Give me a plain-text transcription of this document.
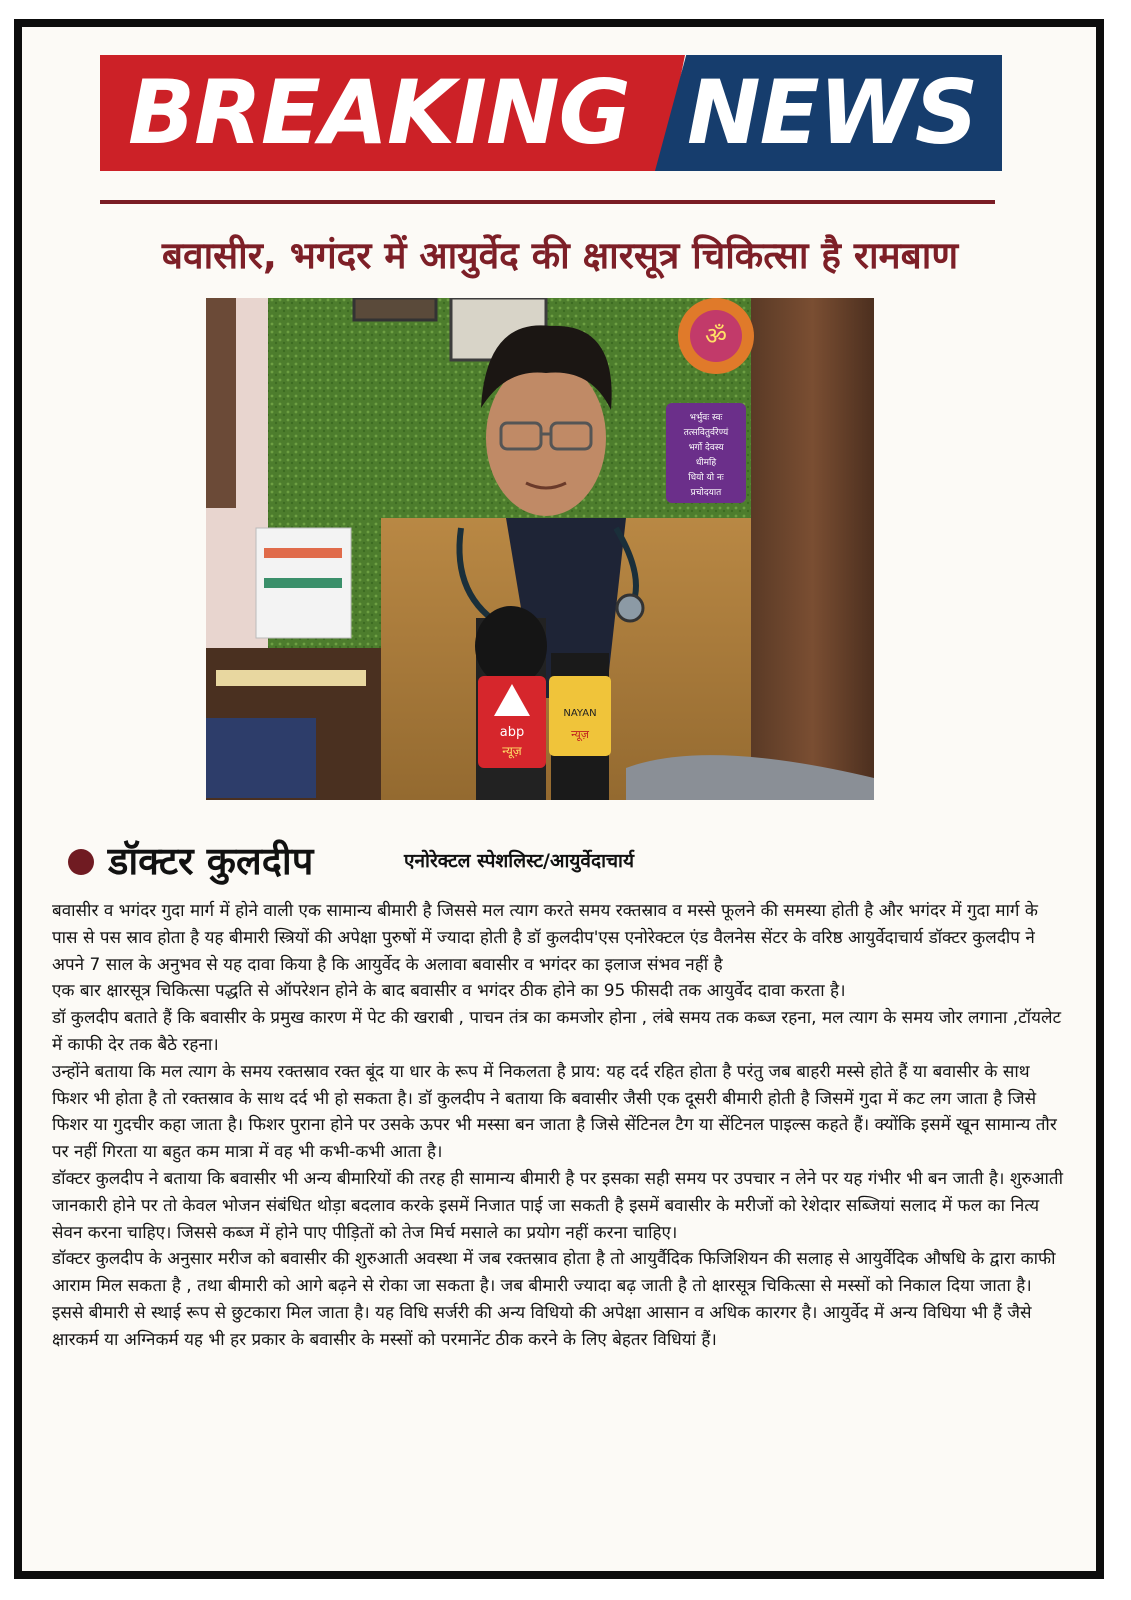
BREAKING NEWS
बवासीर, भगंदर में आयुर्वेद की क्षारसूत्र चिकित्सा है रामबाण
ॐ
भर्भुवः स्वः
तत्सवितुर्वरेण्यं
भर्गो देवस्य
धीमहि
धियो यो नः
प्रचोदयात
abp
न्यूज़
NAYAN
न्यूज़
डॉक्टर कुलदीप	एनोरेक्टल स्पेशलिस्ट/आयुर्वेदाचार्य

बवासीर व भगंदर गुदा मार्ग में होने वाली एक सामान्य बीमारी है जिससे मल त्याग करते समय रक्तस्राव व मस्से फूलने की समस्या होती है और भगंदर में गुदा मार्ग के पास से पस स्राव होता है यह बीमारी स्त्रियों की अपेक्षा पुरुषों में ज्यादा होती है डॉ कुलदीप'एस एनोरेक्टल एंड वैलनेस सेंटर के वरिष्ठ आयुर्वेदाचार्य डॉक्टर कुलदीप ने अपने 7 साल के अनुभव से यह दावा किया है कि आयुर्वेद के अलावा बवासीर व भगंदर का इलाज संभव नहीं है

एक बार क्षारसूत्र चिकित्सा पद्धति से ऑपरेशन होने के बाद बवासीर व भगंदर ठीक होने का 95 फीसदी तक आयुर्वेद दावा करता है।

डॉ कुलदीप बताते हैं कि बवासीर के प्रमुख कारण में पेट की खराबी , पाचन तंत्र का कमजोर होना , लंबे समय तक कब्ज रहना, मल त्याग के समय जोर लगाना ,टॉयलेट में काफी देर तक बैठे रहना।

उन्होंने बताया कि मल त्याग के समय रक्तस्राव रक्त बूंद या धार के रूप में निकलता है प्राय: यह दर्द रहित होता है परंतु जब बाहरी मस्से होते हैं या बवासीर के साथ फिशर भी होता है तो रक्तस्राव के साथ दर्द भी हो सकता है। डॉ कुलदीप ने बताया कि बवासीर जैसी एक दूसरी बीमारी होती है जिसमें गुदा में कट लग जाता है जिसे फिशर या गुदचीर कहा जाता है। फिशर पुराना होने पर उसके ऊपर भी मस्सा बन जाता है जिसे सेंटिनल टैग या सेंटिनल पाइल्स कहते हैं। क्योंकि इसमें खून सामान्य तौर पर नहीं गिरता या बहुत कम मात्रा में वह भी कभी-कभी आता है।

डॉक्टर कुलदीप ने बताया कि बवासीर भी अन्य बीमारियों की तरह ही सामान्य बीमारी है पर इसका सही समय पर उपचार न लेने पर यह गंभीर भी बन जाती है। शुरुआती जानकारी होने पर तो केवल भोजन संबंधित थोड़ा बदलाव करके इसमें निजात पाई जा सकती है इसमें बवासीर के मरीजों को रेशेदार सब्जियां सलाद में फल का नित्य सेवन करना चाहिए। जिससे कब्ज में होने पाए पीड़ितों को तेज मिर्च मसाले का प्रयोग नहीं करना चाहिए।

डॉक्टर कुलदीप के अनुसार मरीज को बवासीर की शुरुआती अवस्था में जब रक्तस्राव होता है तो आयुर्वैदिक फिजिशियन की सलाह से आयुर्वेदिक औषधि के द्वारा काफी आराम मिल सकता है , तथा बीमारी को आगे बढ़ने से रोका जा सकता है। जब बीमारी ज्यादा बढ़ जाती है तो क्षारसूत्र चिकित्सा से मस्सों को निकाल दिया जाता है। इससे बीमारी से स्थाई रूप से छुटकारा मिल जाता है। यह विधि सर्जरी की अन्य विधियो की अपेक्षा आसान व अधिक कारगर है। आयुर्वेद में अन्य विधिया भी हैं जैसे क्षारकर्म या अग्निकर्म यह भी हर प्रकार के बवासीर के मस्सों को परमानेंट ठीक करने के लिए बेहतर विधियां हैं।
